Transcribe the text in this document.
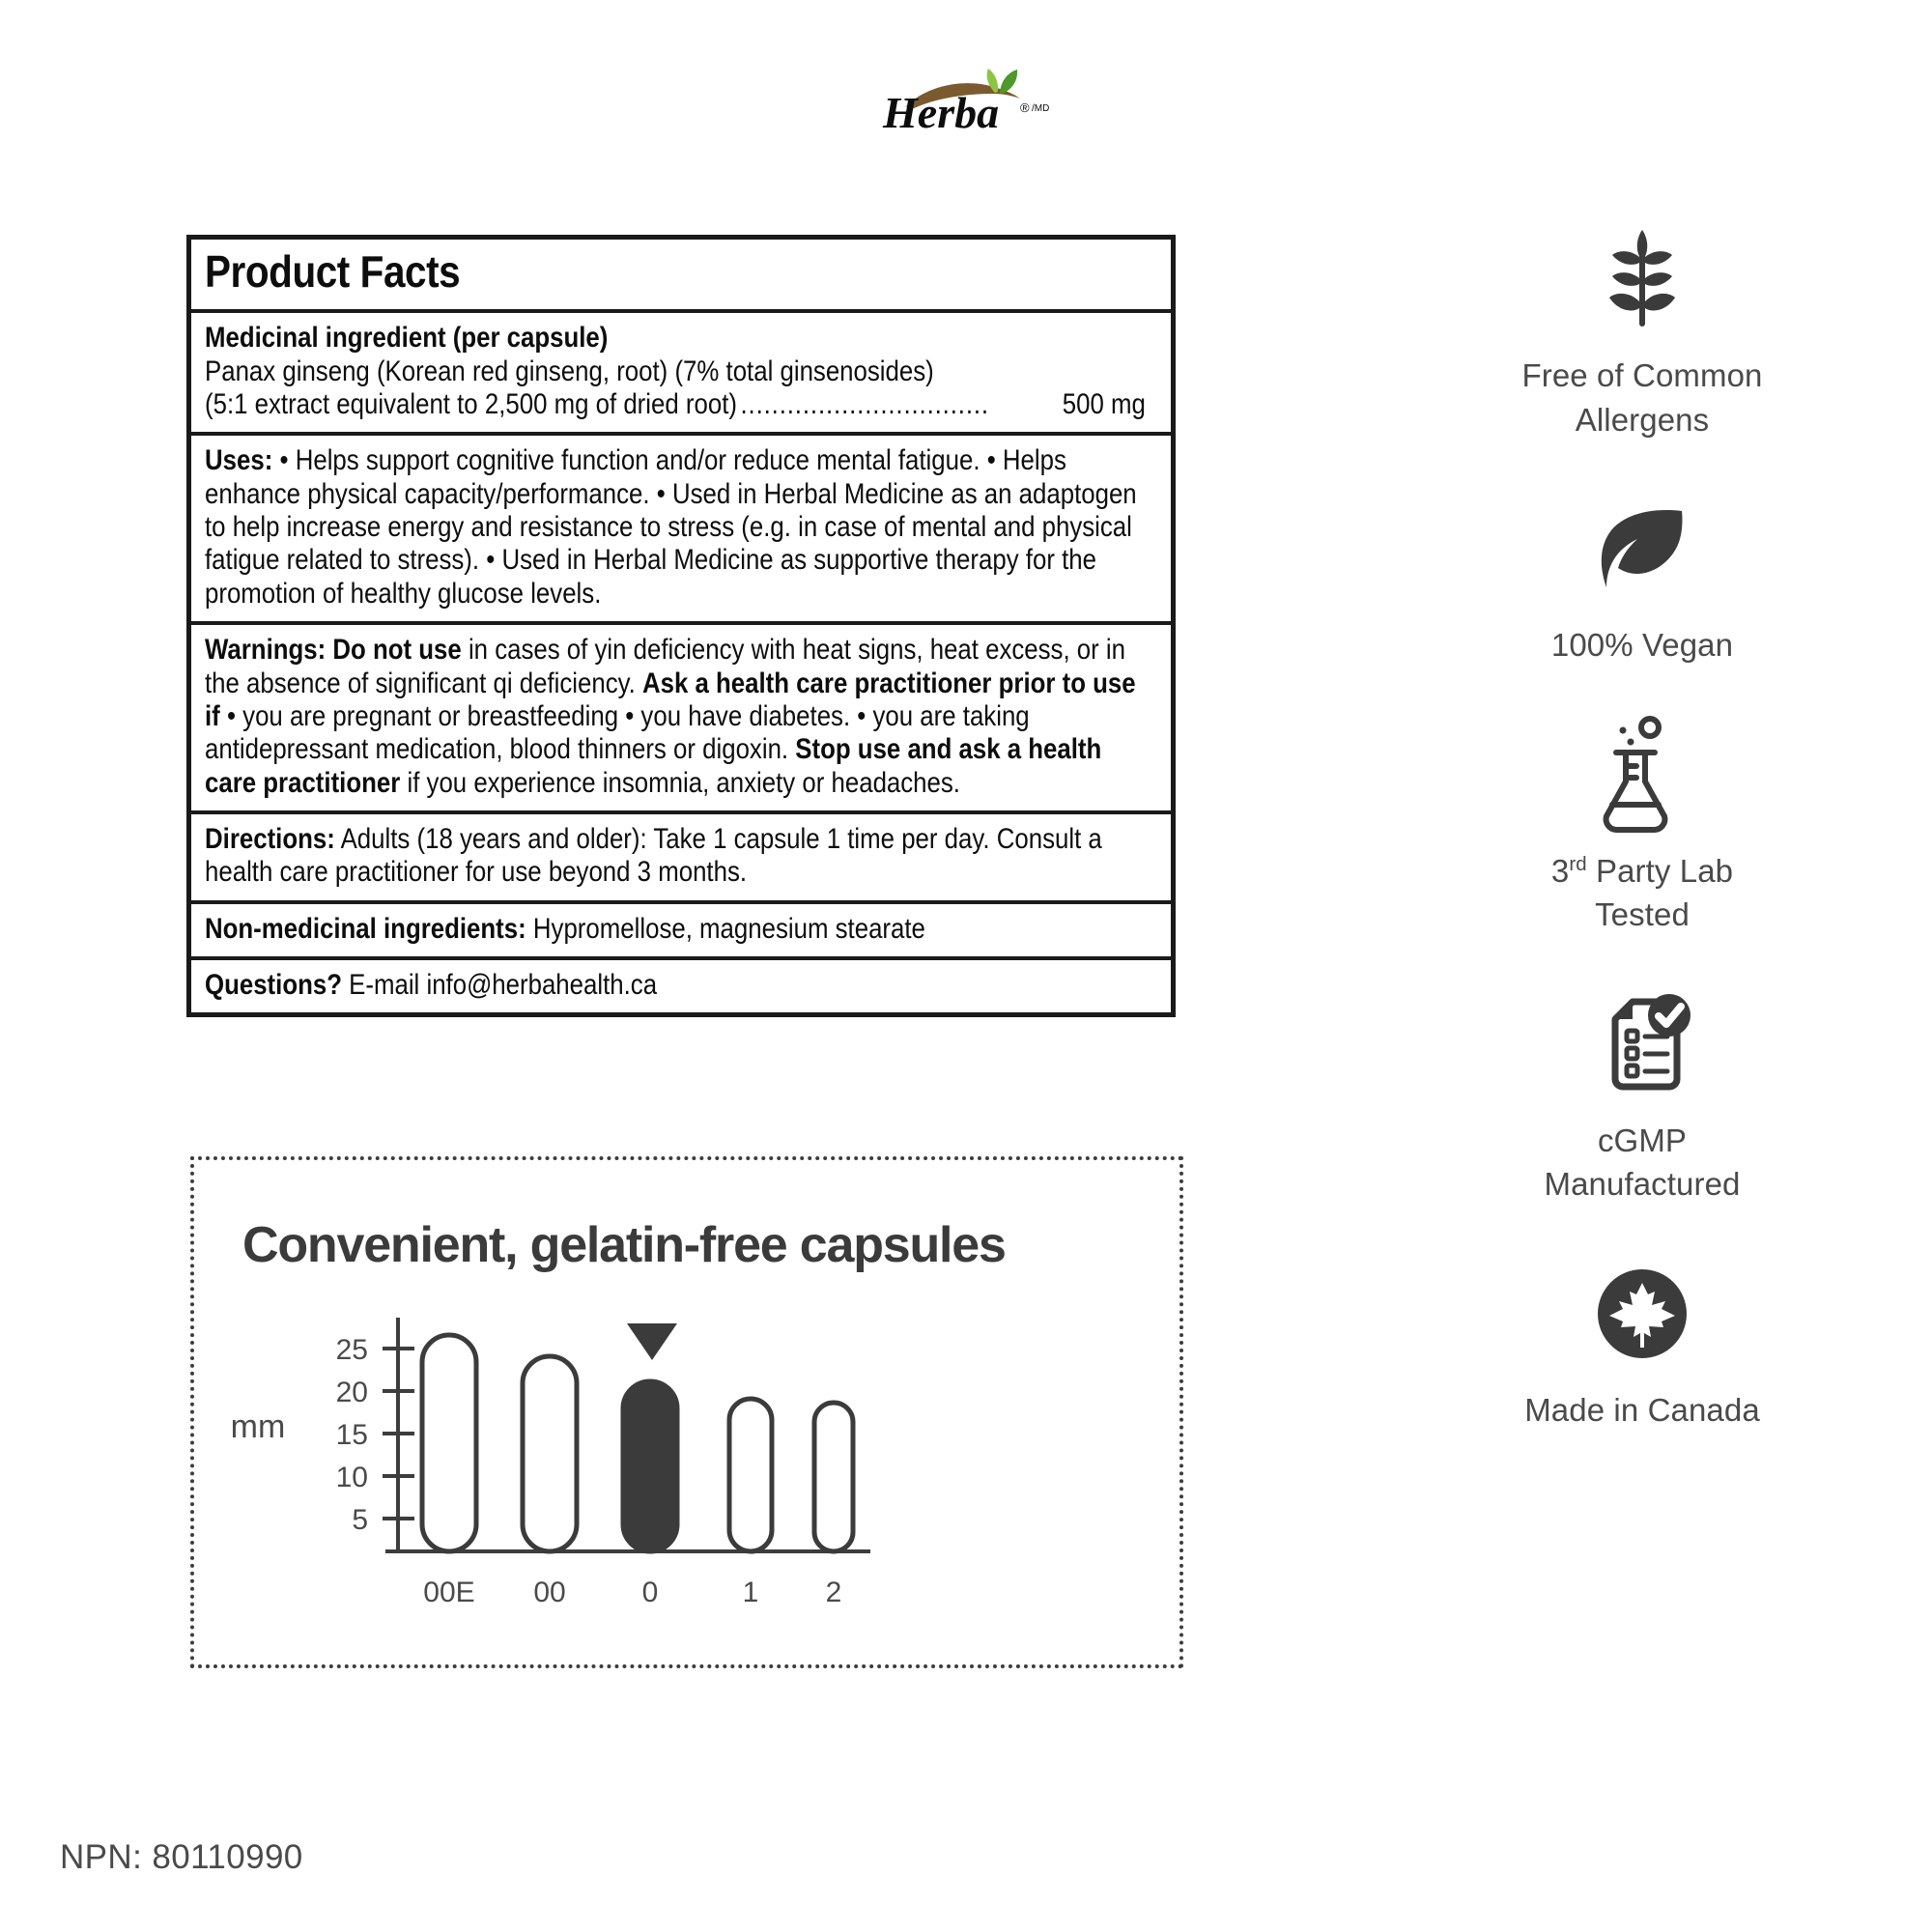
Herba ® /MD
Product Facts
Medicinal ingredient (per capsule)
Panax ginseng (Korean red ginseng, root) (7% total ginsenosides)
(5:1 extract equivalent to 2,500 mg of dried root) ................................	500 mg
Uses: • Helps support cognitive function and/or reduce mental fatigue. • Helps enhance physical capacity/performance. • Used in Herbal Medicine as an adaptogen to help increase energy and resistance to stress (e.g. in case of mental and physical fatigue related to stress). • Used in Herbal Medicine as supportive therapy for the promotion of healthy glucose levels.
Warnings: Do not use in cases of yin deficiency with heat signs, heat excess, or in the absence of significant qi deficiency. Ask a health care practitioner prior to use if • you are pregnant or breastfeeding • you have diabetes. • you are taking antidepressant medication, blood thinners or digoxin. Stop use and ask a health care practitioner if you experience insomnia, anxiety or headaches.
Directions: Adults (18 years and older): Take 1 capsule 1 time per day. Consult a health care practitioner for use beyond 3 months.
Non-medicinal ingredients: Hypromellose, magnesium stearate
Questions? E-mail info@herbahealth.ca
Convenient, gelatin-free capsules
mm
25
20
15
10
5
00E 00	0	1 2
Free of Common
Allergens
100% Vegan
3rd Party Lab
Tested
cGMP
Manufactured
Made in Canada
NPN: 80110990
